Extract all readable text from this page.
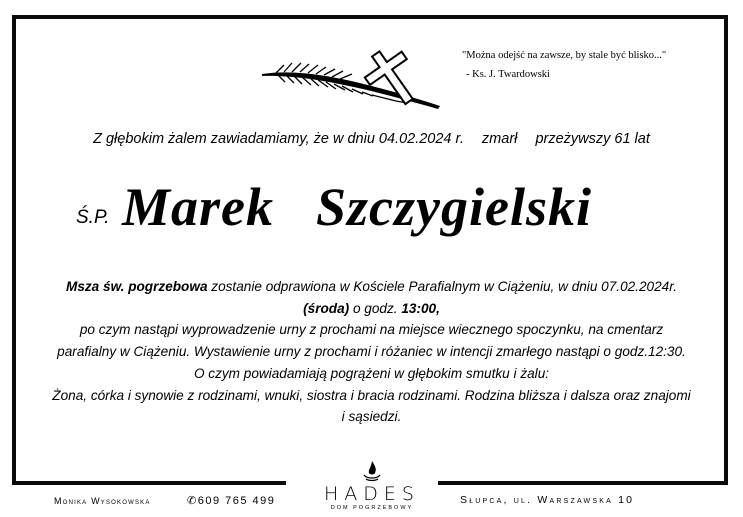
"Można odejść na zawsze, by stale być blisko..."
- Ks. J. Twardowski
Z głębokim żalem zawiadamiamy, że w dniu 04.02.2024 r. zmarł przeżywszy 61 lat
Ś.P. Marek Szczygielski
Msza św. pogrzebowa zostanie odprawiona w Kościele Parafialnym w Ciążeniu, w dniu 07.02.2024r. (środa) o godz. 13:00,
po czym nastąpi wyprowadzenie urny z prochami na miejsce wiecznego spoczynku, na cmentarz parafialny w Ciążeniu. Wystawienie urny z prochami i różaniec w intencji zmarłego nastąpi o godz.12:30.
O czym powiadamiają pogrążeni w głębokim smutku i żalu:
Żona, córka i synowie z rodzinami, wnuki, siostra i bracia rodzinami. Rodzina bliższa i dalsza oraz znajomi i sąsiedzi.
Monika Wysokowska	✆609 765 499	HADES
DOM POGRZEBOWY
Słupca, ul. Warszawska 10
